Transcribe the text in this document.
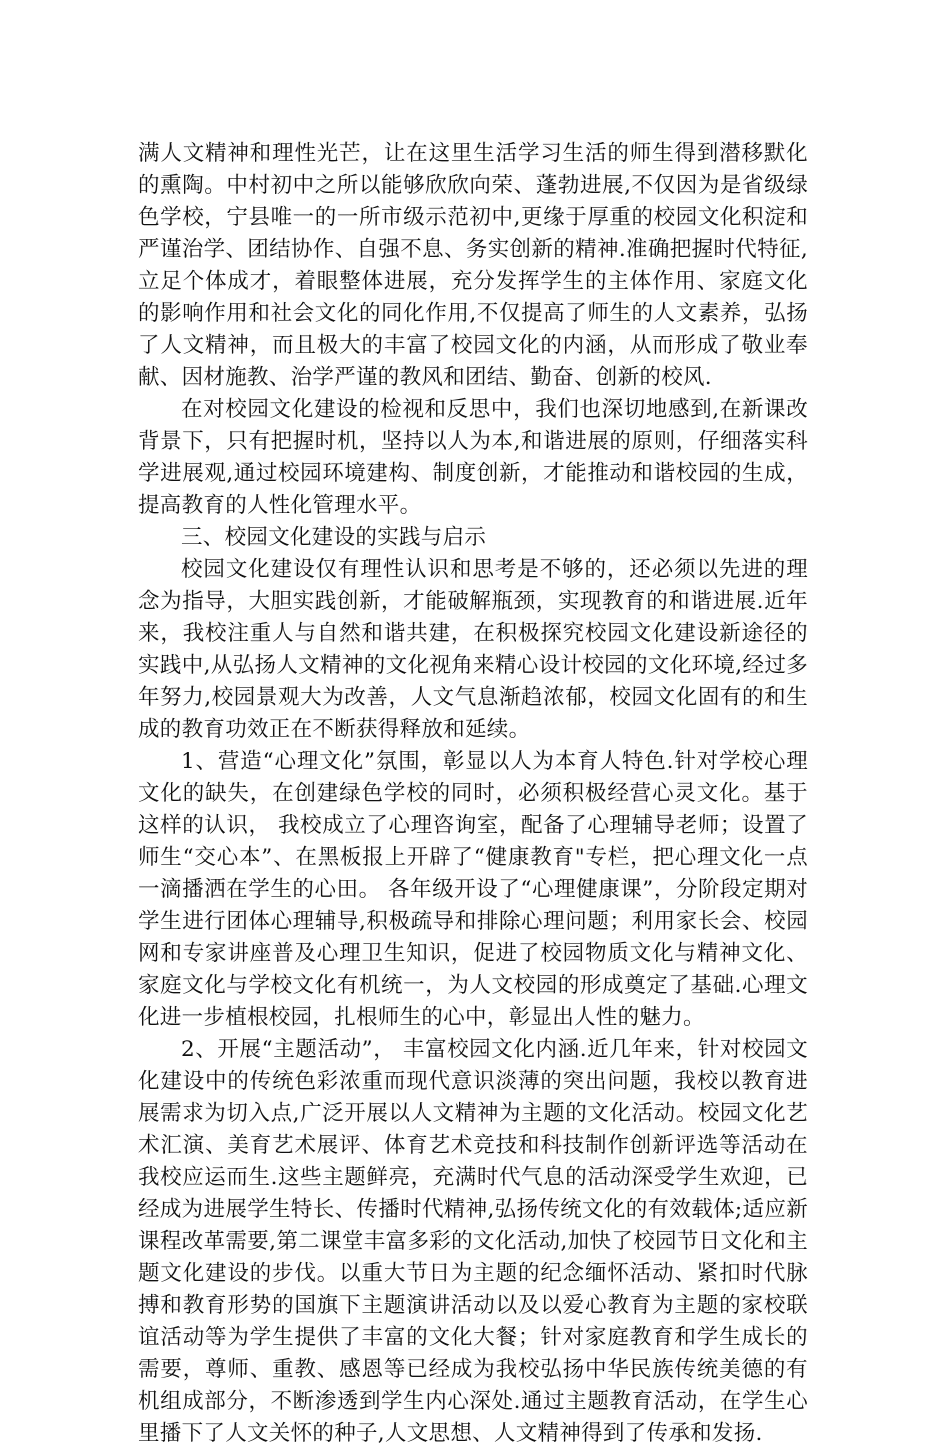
满人文精神和理性光芒，让在这里生活学习生活的师生得到潜移默化的熏陶。中村初中之所以能够欣欣向荣、蓬勃进展,不仅因为是省级绿色学校，宁县唯一的一所市级示范初中,更缘于厚重的校园文化积淀和严谨治学、团结协作、自强不息、务实创新的精神.准确把握时代特征,立足个体成才，着眼整体进展，充分发挥学生的主体作用、家庭文化的影响作用和社会文化的同化作用,不仅提高了师生的人文素养，弘扬了人文精神，而且极大的丰富了校园文化的内涵，从而形成了敬业奉献、因材施教、治学严谨的教风和团结、勤奋、创新的校风.

在对校园文化建设的检视和反思中，我们也深切地感到,在新课改背景下，只有把握时机，坚持以人为本,和谐进展的原则，仔细落实科学进展观,通过校园环境建构、制度创新，才能推动和谐校园的生成，提高教育的人性化管理水平。

三、校园文化建设的实践与启示

校园文化建设仅有理性认识和思考是不够的，还必须以先进的理念为指导，大胆实践创新，才能破解瓶颈，实现教育的和谐进展.近年来，我校注重人与自然和谐共建，在积极探究校园文化建设新途径的实践中,从弘扬人文精神的文化视角来精心设计校园的文化环境,经过多年努力,校园景观大为改善，人文气息渐趋浓郁，校园文化固有的和生成的教育功效正在不断获得释放和延续。

1、营造“心理文化”氛围，彰显以人为本育人特色.针对学校心理文化的缺失，在创建绿色学校的同时，必须积极经营心灵文化。基于这样的认识， 我校成立了心理咨询室，配备了心理辅导老师；设置了师生“交心本”、在黑板报上开辟了“健康教育"专栏，把心理文化一点一滴播洒在学生的心田。 各年级开设了“心理健康课”，分阶段定期对学生进行团体心理辅导,积极疏导和排除心理问题；利用家长会、校园网和专家讲座普及心理卫生知识，促进了校园物质文化与精神文化、家庭文化与学校文化有机统一，为人文校园的形成奠定了基础.心理文化进一步植根校园，扎根师生的心中，彰显出人性的魅力。

2、开展“主题活动”， 丰富校园文化内涵.近几年来，针对校园文化建设中的传统色彩浓重而现代意识淡薄的突出问题，我校以教育进展需求为切入点,广泛开展以人文精神为主题的文化活动。校园文化艺术汇演、美育艺术展评、体育艺术竞技和科技制作创新评选等活动在我校应运而生.这些主题鲜亮，充满时代气息的活动深受学生欢迎，已经成为进展学生特长、传播时代精神,弘扬传统文化的有效载体;适应新课程改革需要,第二课堂丰富多彩的文化活动,加快了校园节日文化和主题文化建设的步伐。以重大节日为主题的纪念缅怀活动、紧扣时代脉搏和教育形势的国旗下主题演讲活动以及以爱心教育为主题的家校联谊活动等为学生提供了丰富的文化大餐；针对家庭教育和学生成长的需要，尊师、重教、感恩等已经成为我校弘扬中华民族传统美德的有机组成部分，不断渗透到学生内心深处.通过主题教育活动，在学生心里播下了人文关怀的种子,人文思想、人文精神得到了传承和发扬.
